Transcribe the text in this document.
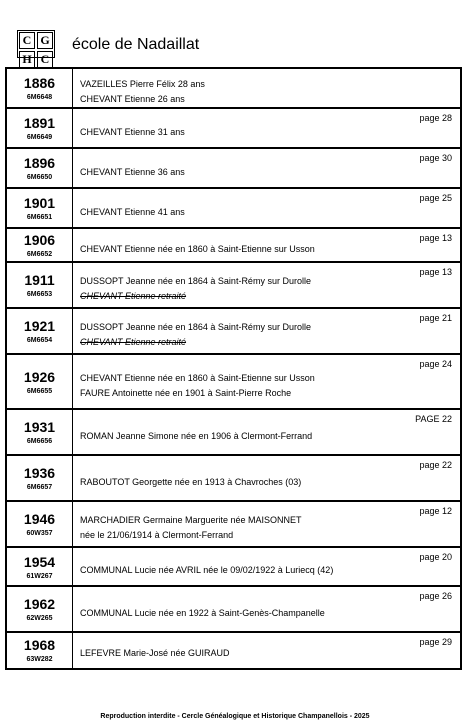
C G
H C
école de Nadaillat
1886
6M6648
VAZEILLES Pierre Félix 28 ans
CHEVANT Etienne 26 ans
1891
6M6649
page 28
CHEVANT Etienne 31 ans
1896
6M6650
page 30
CHEVANT Etienne 36 ans
1901
6M6651
page 25
CHEVANT Etienne 41 ans
1906
6M6652
page 13
CHEVANT Etienne née en 1860 à Saint-Etienne sur Usson
1911
6M6653
page 13
DUSSOPT Jeanne née en 1864 à Saint-Rémy sur Durolle
CHEVANT Etienne retraité
1921
6M6654
page 21
DUSSOPT Jeanne née en 1864 à Saint-Rémy sur Durolle
CHEVANT Etienne retraité
1926
6M6655
page 24
CHEVANT Etienne née en 1860 à Saint-Etienne sur Usson
FAURE Antoinette née en 1901 à Saint-Pierre Roche
1931
6M6656
PAGE 22
ROMAN Jeanne Simone née en 1906 à Clermont-Ferrand
1936
6M6657
page 22
RABOUTOT Georgette née en 1913 à Chavroches (03)
1946
60W357
page 12
MARCHADIER Germaine Marguerite née MAISONNET
née le 21/06/1914 à Clermont-Ferrand
1954
61W267
page 20
COMMUNAL Lucie née AVRIL née le 09/02/1922 à Luriecq (42)
1962
62W265
page 26
COMMUNAL Lucie née en 1922 à Saint-Genès-Champanelle
1968
63W282
page 29
LEFEVRE Marie-José née GUIRAUD
Reproduction interdite - Cercle Généalogique et Historique Champanellois - 2025
